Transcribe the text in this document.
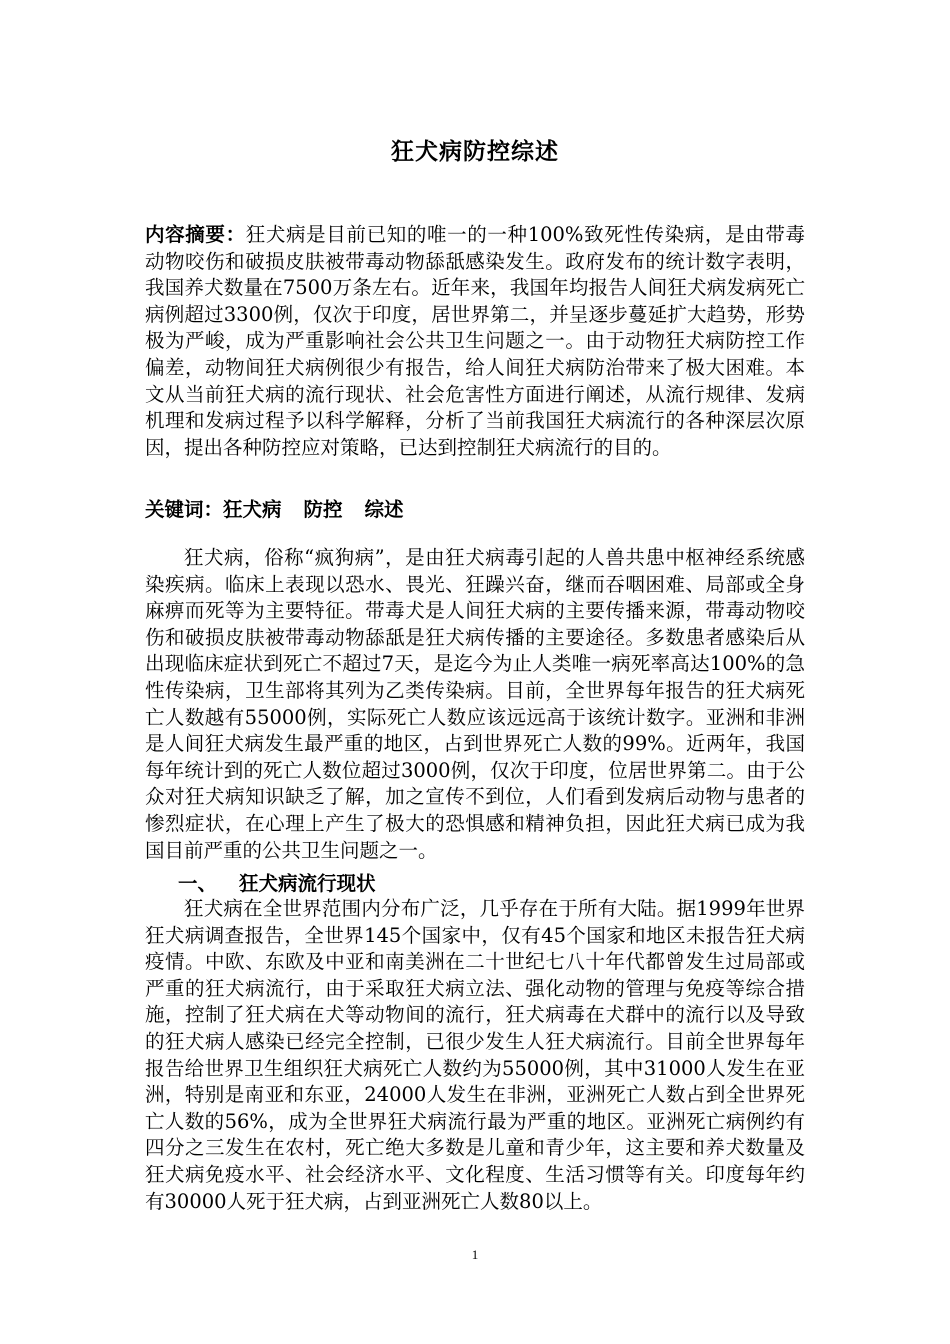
狂犬病防控综述
内容摘要：狂犬病是目前已知的唯一的一种100%致死性传染病，是由带毒动物咬伤和破损皮肤被带毒动物舔舐感染发生。政府发布的统计数字表明，我国养犬数量在7500万条左右。近年来，我国年均报告人间狂犬病发病死亡病例超过3300例，仅次于印度，居世界第二，并呈逐步蔓延扩大趋势，形势极为严峻，成为严重影响社会公共卫生问题之一。由于动物狂犬病防控工作偏差，动物间狂犬病例很少有报告，给人间狂犬病防治带来了极大困难。本文从当前狂犬病的流行现状、社会危害性方面进行阐述，从流行规律、发病机理和发病过程予以科学解释，分析了当前我国狂犬病流行的各种深层次原因，提出各种防控应对策略，已达到控制狂犬病流行的目的。
关键词：狂犬病 防控 综述
狂犬病，俗称“疯狗病”，是由狂犬病毒引起的人兽共患中枢神经系统感染疾病。临床上表现以恐水、畏光、狂躁兴奋，继而吞咽困难、局部或全身麻痹而死等为主要特征。带毒犬是人间狂犬病的主要传播来源，带毒动物咬伤和破损皮肤被带毒动物舔舐是狂犬病传播的主要途径。多数患者感染后从出现临床症状到死亡不超过7天，是迄今为止人类唯一病死率高达100%的急性传染病，卫生部将其列为乙类传染病。目前，全世界每年报告的狂犬病死亡人数越有55000例，实际死亡人数应该远远高于该统计数字。亚洲和非洲是人间狂犬病发生最严重的地区，占到世界死亡人数的99%。近两年，我国每年统计到的死亡人数位超过3000例，仅次于印度，位居世界第二。由于公众对狂犬病知识缺乏了解，加之宣传不到位，人们看到发病后动物与患者的惨烈症状，在心理上产生了极大的恐惧感和精神负担，因此狂犬病已成为我国目前严重的公共卫生问题之一。
一、 狂犬病流行现状
狂犬病在全世界范围内分布广泛，几乎存在于所有大陆。据1999年世界狂犬病调查报告，全世界145个国家中，仅有45个国家和地区未报告狂犬病疫情。中欧、东欧及中亚和南美洲在二十世纪七八十年代都曾发生过局部或严重的狂犬病流行，由于采取狂犬病立法、强化动物的管理与免疫等综合措施，控制了狂犬病在犬等动物间的流行，狂犬病毒在犬群中的流行以及导致的狂犬病人感染已经完全控制，已很少发生人狂犬病流行。目前全世界每年报告给世界卫生组织狂犬病死亡人数约为55000例，其中31000人发生在亚洲，特别是南亚和东亚，24000人发生在非洲，亚洲死亡人数占到全世界死亡人数的56%，成为全世界狂犬病流行最为严重的地区。亚洲死亡病例约有四分之三发生在农村，死亡绝大多数是儿童和青少年，这主要和养犬数量及狂犬病免疫水平、社会经济水平、文化程度、生活习惯等有关。印度每年约有30000人死于狂犬病，占到亚洲死亡人数80以上。
1
